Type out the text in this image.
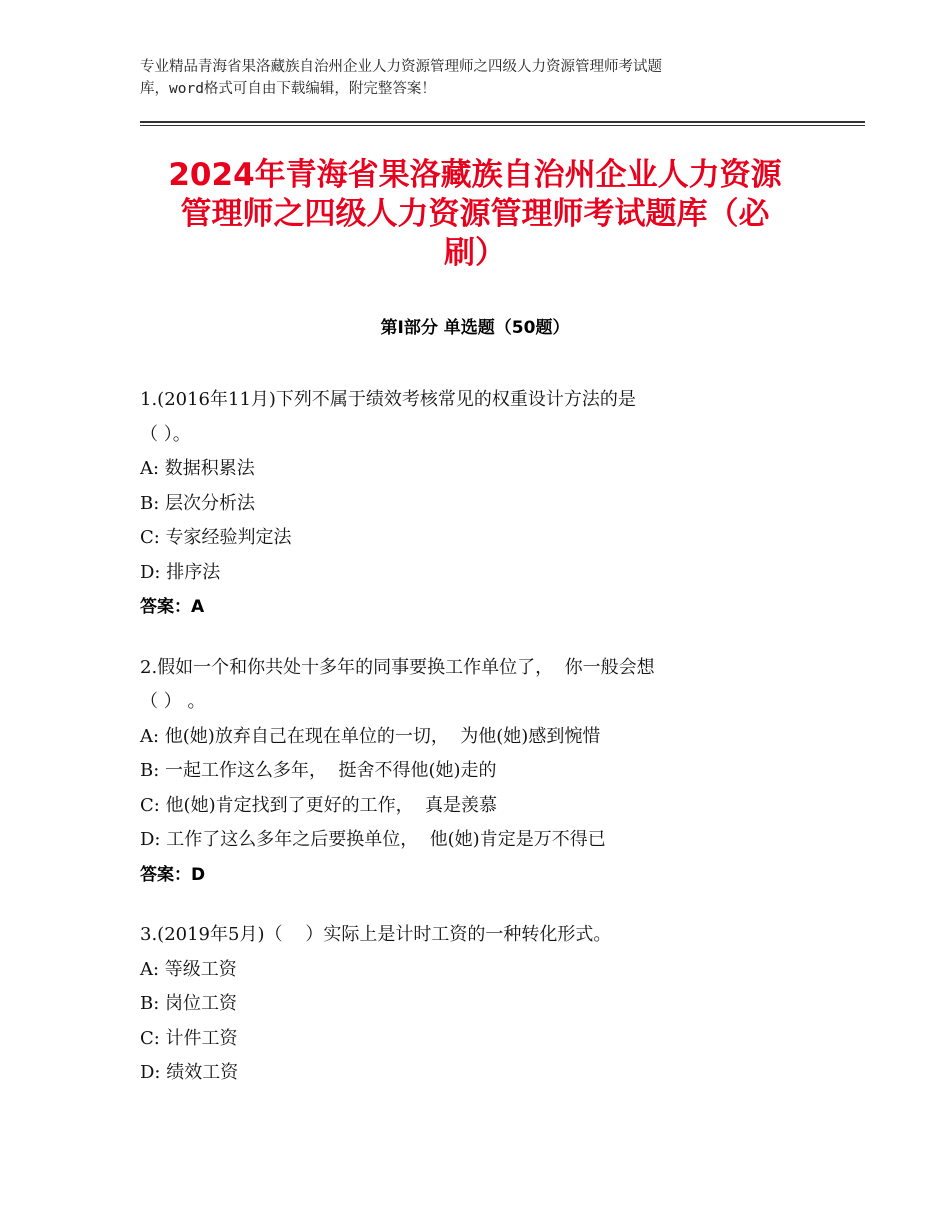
专业精品青海省果洛藏族自治州企业人力资源管理师之四级人力资源管理师考试题
库，word格式可自由下载编辑，附完整答案！
2024年青海省果洛藏族自治州企业人力资源
管理师之四级人力资源管理师考试题库（必
刷）
第Ⅰ部分 单选题（50题）
1.(2016年11月)下列不属于绩效考核常见的权重设计方法的是
（ ）。
A: 数据积累法
B: 层次分析法
C: 专家经验判定法
D: 排序法
答案：A
2.假如一个和你共处十多年的同事要换工作单位了，  你一般会想
（ ） 。
A: 他(她)放弃自己在现在单位的一切，  为他(她)感到惋惜
B: 一起工作这么多年，  挺舍不得他(她)走的
C: 他(她)肯定找到了更好的工作，  真是羡慕
D: 工作了这么多年之后要换单位，  他(她)肯定是万不得已
答案：D
3.(2019年5月)（    ）实际上是计时工资的一种转化形式。
A: 等级工资
B: 岗位工资
C: 计件工资
D: 绩效工资
